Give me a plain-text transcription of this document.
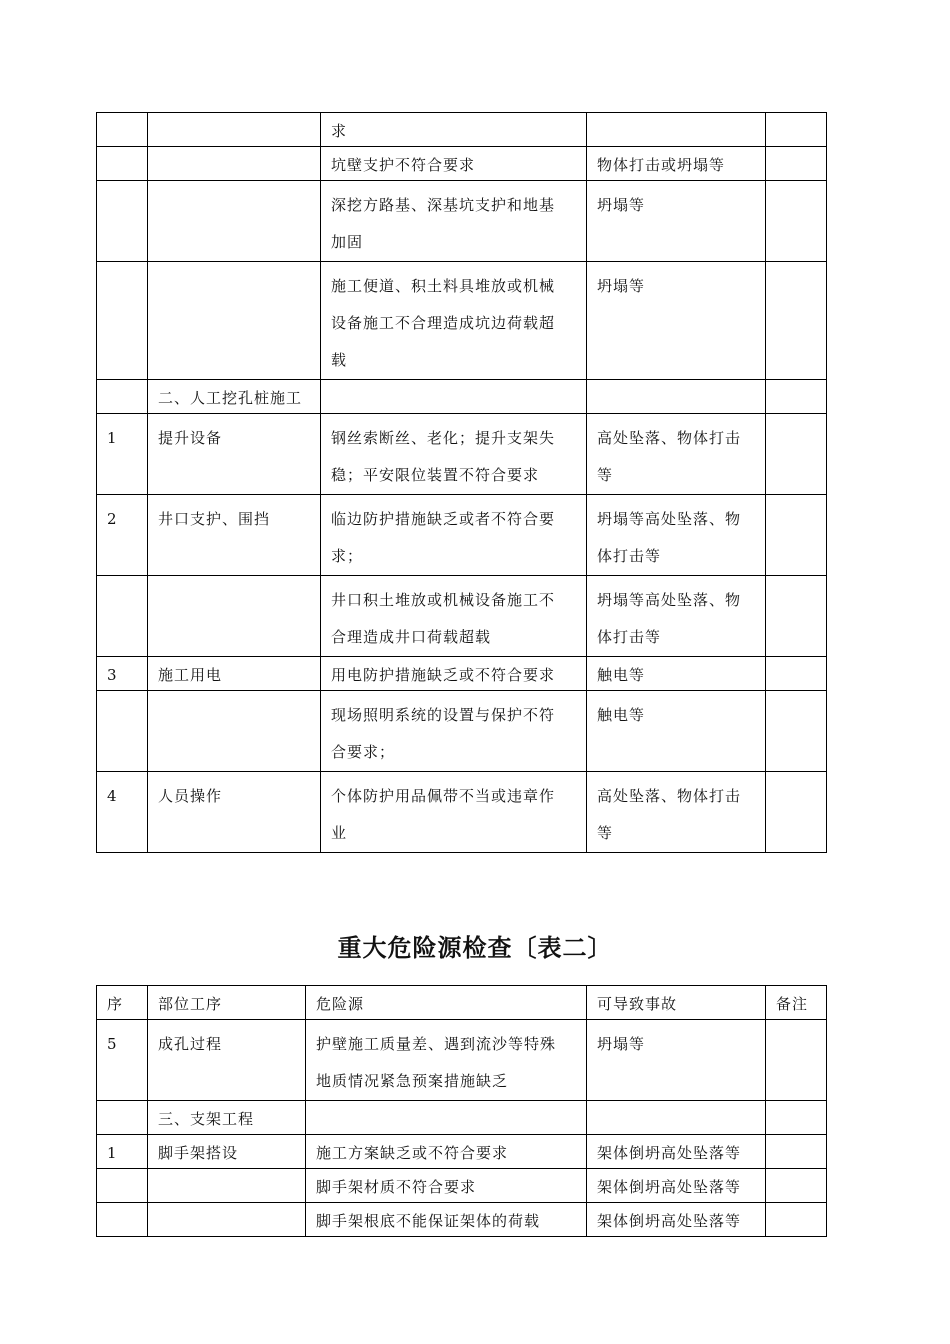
		求		
		坑壁支护不符合要求	物体打击或坍塌等	
		深挖方路基、深基坑支护和地基
加固	坍塌等	
		施工便道、积土料具堆放或机械
设备施工不合理造成坑边荷载超
载	坍塌等	
	二、人工挖孔桩施工			
1	提升设备	钢丝索断丝、老化；提升支架失
稳；平安限位装置不符合要求	高处坠落、物体打击
等	
2	井口支护、围挡	临边防护措施缺乏或者不符合要
求；	坍塌等高处坠落、物
体打击等	
		井口积土堆放或机械设备施工不
合理造成井口荷载超载	坍塌等高处坠落、物
体打击等	
3	施工用电	用电防护措施缺乏或不符合要求	触电等	
		现场照明系统的设置与保护不符
合要求；	触电等	
4	人员操作	个体防护用品佩带不当或违章作
业	高处坠落、物体打击
等	
重大危险源检查〔表二〕
序	部位工序	危险源	可导致事故	备注
5	成孔过程	护壁施工质量差、遇到流沙等特殊
地质情况紧急预案措施缺乏	坍塌等	
	三、支架工程			
1	脚手架搭设	施工方案缺乏或不符合要求	架体倒坍高处坠落等	
		脚手架材质不符合要求	架体倒坍高处坠落等	
		脚手架根底不能保证架体的荷载	架体倒坍高处坠落等	
